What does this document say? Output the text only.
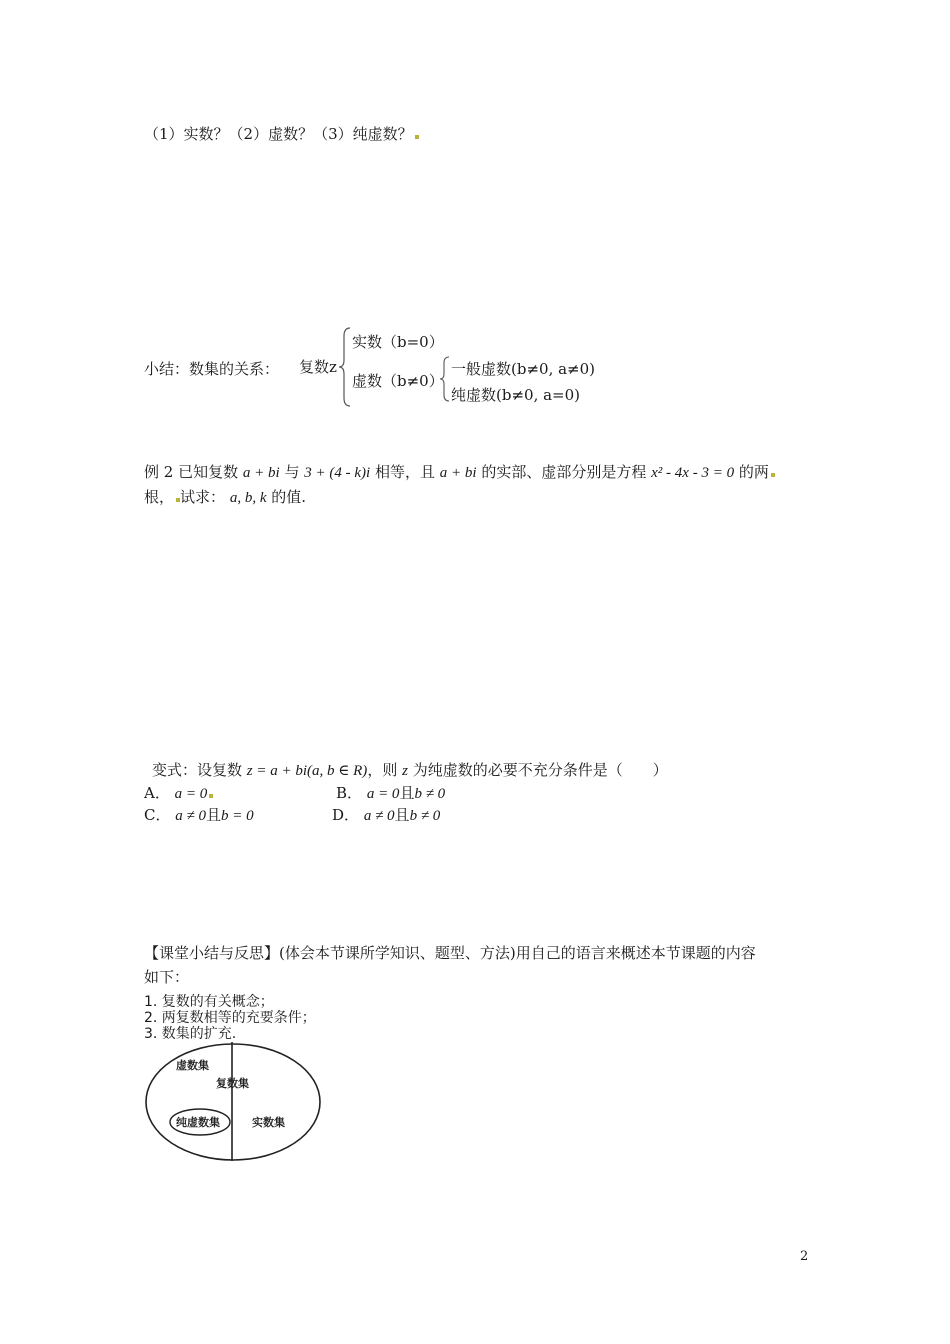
（1）实数？（2）虚数？（3）纯虚数？
小结：数集的关系： 复数z
实数（b=0）
虚数（b≠0）
一般虚数(b≠0, a≠0)
纯虚数(b≠0, a=0)
例 2 已知复数 a + bi 与 3 + (4 - k)i 相等，且 a + bi 的实部、虚部分别是方程 x² - 4x - 3 = 0 的两
根， 试求： a, b, k 的值.
变式：设复数 z = a + bi(a, b ∈ R)，则 z 为纯虚数的必要不充分条件是（　　）
A． a = 0	B． a = 0且b ≠ 0
C． a ≠ 0且b = 0	D． a ≠ 0且b ≠ 0
【课堂小结与反思】(体会本节课所学知识、题型、方法)用自己的语言来概述本节课题的内容
如下：
1. 复数的有关概念；
2. 两复数相等的充要条件；
3. 数集的扩充.
虚数集
复数集
纯虚数集	实数集
2
